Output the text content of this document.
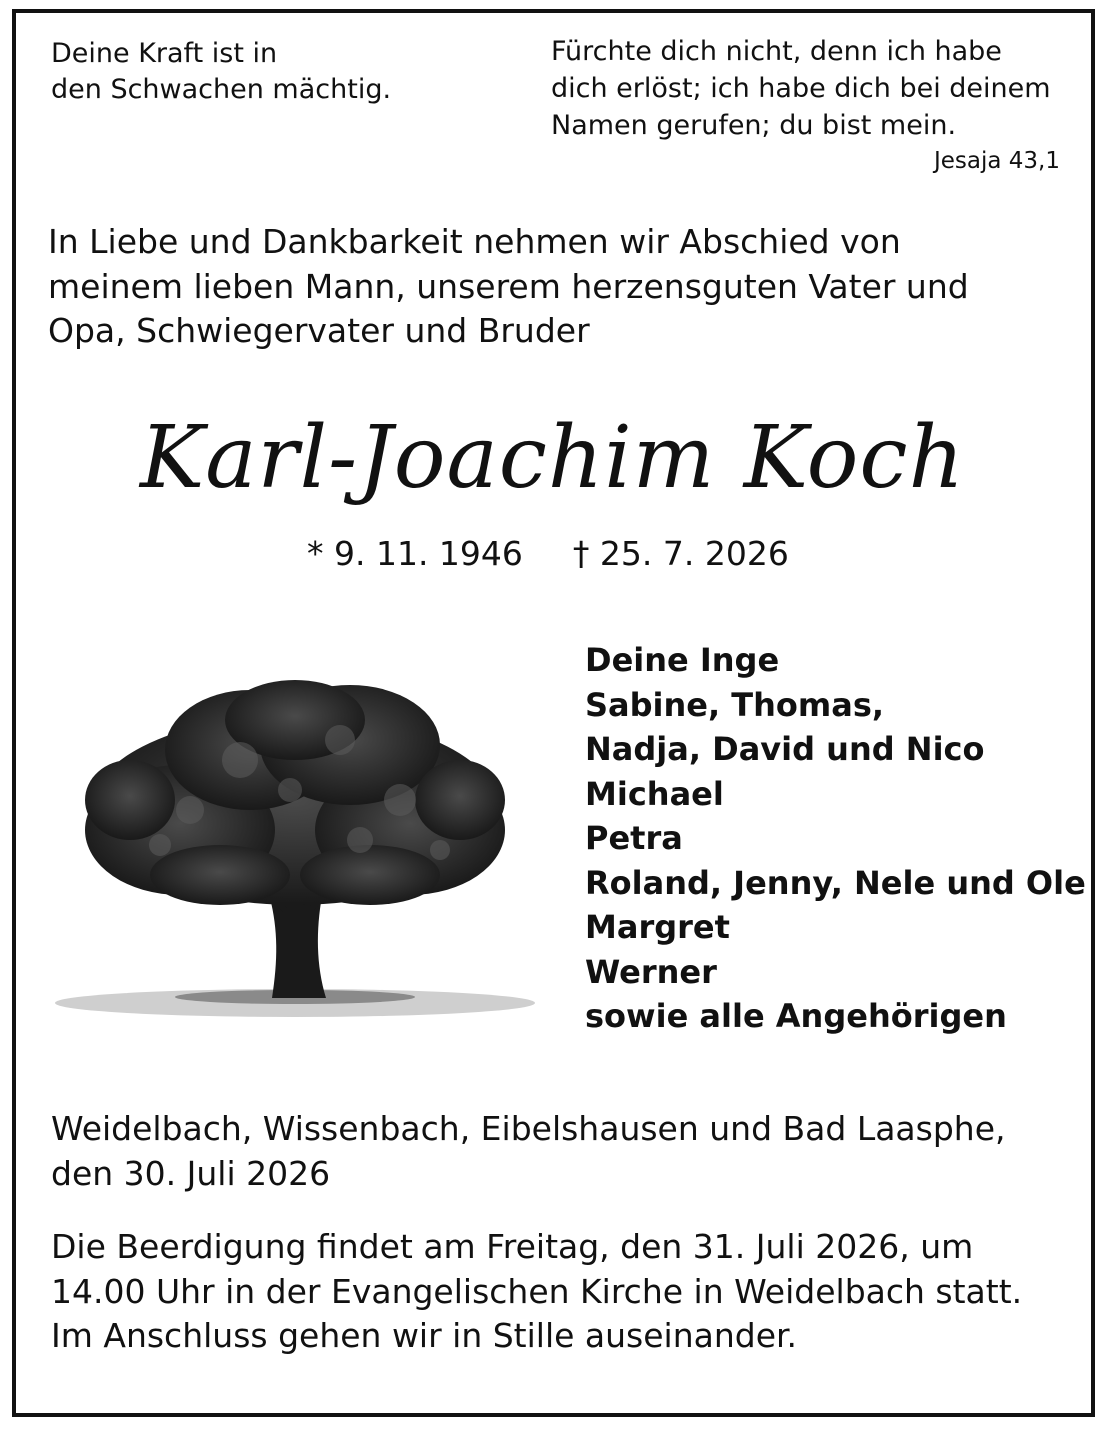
Deine Kraft ist in
den Schwachen mächtig.
Fürchte dich nicht, denn ich habe
dich erlöst; ich habe dich bei deinem
Namen gerufen; du bist mein.
Jesaja 43,1
In Liebe und Dankbarkeit nehmen wir Abschied von
meinem lieben Mann, unserem herzensguten Vater und
Opa, Schwiegervater und Bruder
Karl-Joachim Koch
* 9. 11. 1946 † 25. 7. 2026
Deine Inge
Sabine, Thomas,
Nadja, David und Nico
Michael
Petra
Roland, Jenny, Nele und Ole
Margret
Werner
sowie alle Angehörigen
Weidelbach, Wissenbach, Eibelshausen und Bad Laasphe,
den 30. Juli 2026
Die Beerdigung findet am Freitag, den 31. Juli 2026, um
14.00 Uhr in der Evangelischen Kirche in Weidelbach statt.
Im Anschluss gehen wir in Stille auseinander.
